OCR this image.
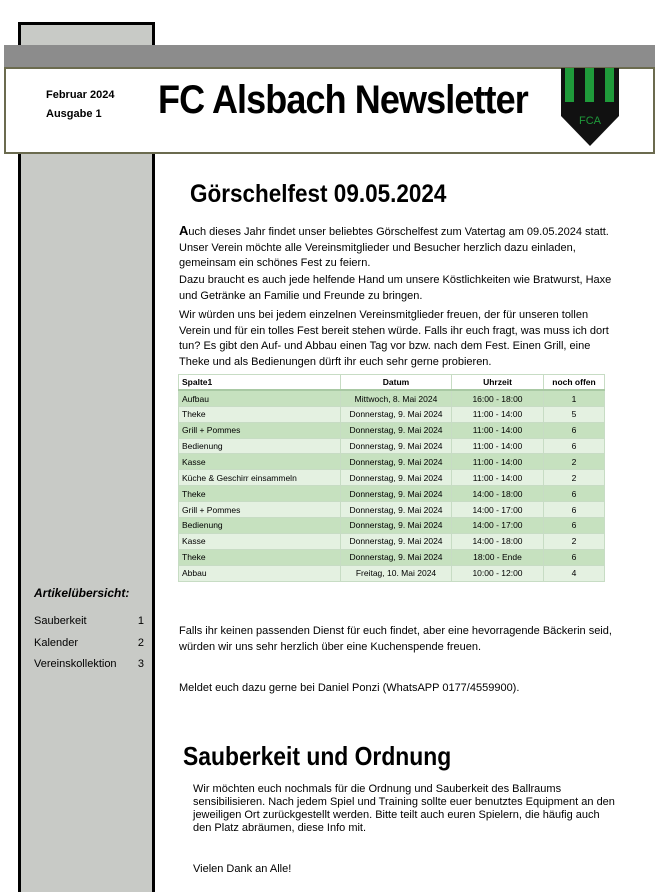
Februar 2024
Ausgabe 1 FC Alsbach Newsletter	FCA
Görschelfest 09.05.2024
Auch dieses Jahr findet unser beliebtes Görschelfest zum Vatertag am 09.05.2024 statt. Unser Verein möchte alle Vereinsmitglieder und Besucher herzlich dazu einladen, gemeinsam ein schönes Fest zu feiern.
Dazu braucht es auch jede helfende Hand um unsere Köstlichkeiten wie Bratwurst, Haxe und Getränke an Familie und Freunde zu bringen.
Wir würden uns bei jedem einzelnen Vereinsmitglieder freuen, der für unseren tollen Verein und für ein tolles Fest bereit stehen würde. Falls ihr euch fragt, was muss ich dort tun? Es gibt den Auf- und Abbau einen Tag vor bzw. nach dem Fest. Einen Grill, eine Theke und als Bedienungen dürft ihr euch sehr gerne probieren.
Spalte1	Datum	Uhrzeit	noch offen
Aufbau	Mittwoch, 8. Mai 2024	16:00 - 18:00	1
Theke	Donnerstag, 9. Mai 2024	11:00 - 14:00	5
Grill + Pommes	Donnerstag, 9. Mai 2024	11:00 - 14:00	6
Bedienung	Donnerstag, 9. Mai 2024	11:00 - 14:00	6
Kasse	Donnerstag, 9. Mai 2024	11:00 - 14:00	2
Küche & Geschirr einsammeln	Donnerstag, 9. Mai 2024	11:00 - 14:00	2
Theke	Donnerstag, 9. Mai 2024	14:00 - 18:00	6
Grill + Pommes	Donnerstag, 9. Mai 2024	14:00 - 17:00	6
Bedienung	Donnerstag, 9. Mai 2024	14:00 - 17:00	6
Kasse	Donnerstag, 9. Mai 2024	14:00 - 18:00	2
Theke	Donnerstag, 9. Mai 2024	18:00 - Ende	6
Abbau	Freitag, 10. Mai 2024	10:00 - 12:00	4
Falls ihr keinen passenden Dienst für euch findet, aber eine hevorragende Bäckerin seid, würden wir uns sehr herzlich über eine Kuchenspende freuen.
Meldet euch dazu gerne bei Daniel Ponzi (WhatsAPP 0177/4559900).
Sauberkeit und Ordnung
Wir möchten euch nochmals für die Ordnung und Sauberkeit des Ballraums sensibilisieren. Nach jedem Spiel und Training sollte euer benutztes Equipment an den jeweiligen Ort zurückgestellt werden. Bitte teilt auch euren Spielern, die häufig auch den Platz abräumen, diese Info mit.
Vielen Dank an Alle!
Artikelübersicht:
Sauberkeit	1
Kalender	2
Vereinskollektion 3
